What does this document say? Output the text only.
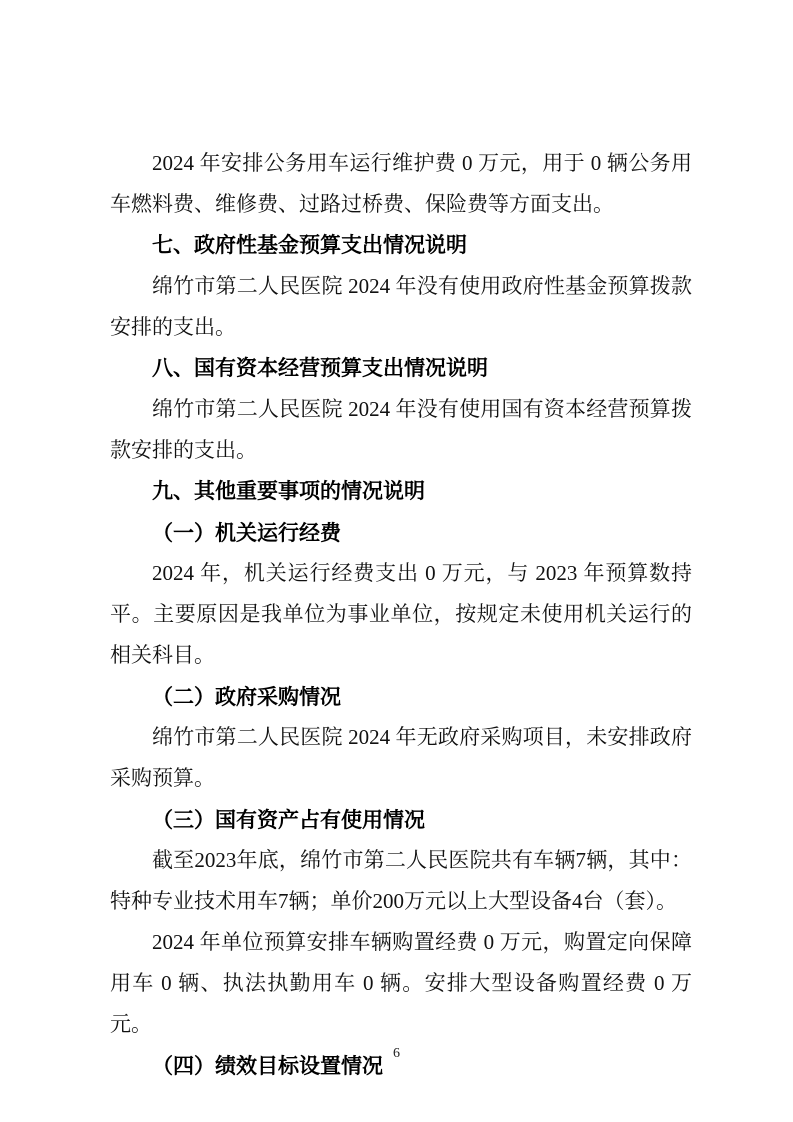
2024 年安排公务用车运行维护费 0 万元，用于 0 辆公务用车燃料费、维修费、过路过桥费、保险费等方面支出。

七、政府性基金预算支出情况说明

绵竹市第二人民医院 2024 年没有使用政府性基金预算拨款安排的支出。

八、国有资本经营预算支出情况说明

绵竹市第二人民医院 2024 年没有使用国有资本经营预算拨款安排的支出。

九、其他重要事项的情况说明

（一）机关运行经费

2024 年，机关运行经费支出 0 万元，与 2023 年预算数持平。主要原因是我单位为事业单位，按规定未使用机关运行的相关科目。

（二）政府采购情况

绵竹市第二人民医院 2024 年无政府采购项目，未安排政府采购预算。

（三）国有资产占有使用情况

截至2023年底，绵竹市第二人民医院共有车辆7辆，其中：特种专业技术用车7辆；单价200万元以上大型设备4台（套）。

2024 年单位预算安排车辆购置经费 0 万元，购置定向保障用车 0 辆、执法执勤用车 0 辆。安排大型设备购置经费 0 万元。

（四）绩效目标设置情况 6
